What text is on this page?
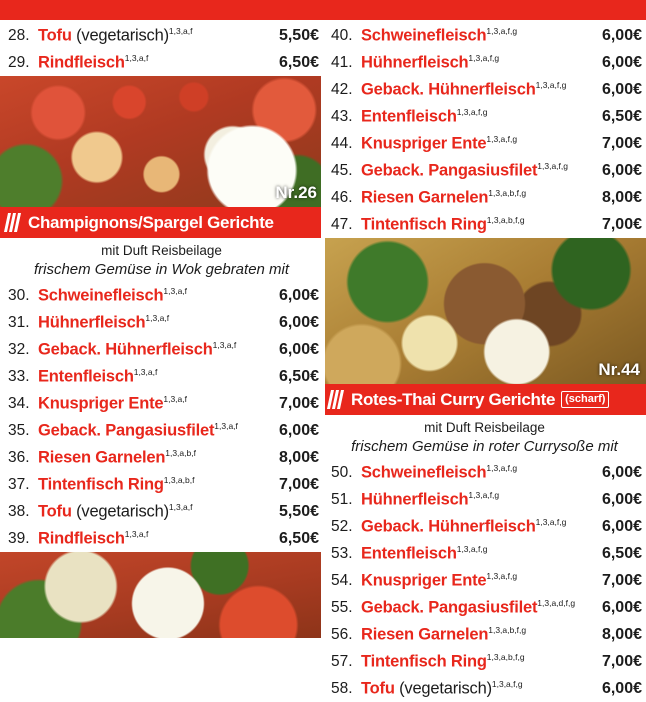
28. Tofu (vegetarisch)$^{1,3,a,f}$	5,50€
29. Rindfleisch$^{1,3,a,f}$	6,50€
Nr.26
Champignons/Spargel Gerichte
mit Duft Reisbeilage
frischem Gemüse in Wok gebraten mit
30. Schweinefleisch$^{1,3,a,f}$	6,00€
31. Hühnerfleisch$^{1,3,a,f}$	6,00€
32. Geback. Hühnerfleisch$^{1,3,a,f}$	6,00€
33. Entenfleisch$^{1,3,a,f}$	6,50€
34. Knuspriger Ente$^{1,3,a,f}$	7,00€
35. Geback. Pangasiusfilet$^{1,3,a,f}$	6,00€
36. Riesen Garnelen$^{1,3,a,b,f}$	8,00€
37. Tintenfisch Ring$^{1,3,a,b,f}$	7,00€
38. Tofu (vegetarisch)$^{1,3,a,f}$	5,50€
39. Rindfleisch$^{1,3,a,f}$	6,50€
40. Schweinefleisch$^{1,3,a,f,g}$	6,00€
41. Hühnerfleisch$^{1,3,a,f,g}$	6,00€
42. Geback. Hühnerfleisch$^{1,3,a,f,g}$	6,00€
43. Entenfleisch$^{1,3,a,f,g}$	6,50€
44. Knuspriger Ente$^{1,3,a,f,g}$	7,00€
45. Geback. Pangasiusfilet$^{1,3,a,f,g}$	6,00€
46. Riesen Garnelen$^{1,3,a,b,f,g}$	8,00€
47. Tintenfisch Ring$^{1,3,a,b,f,g}$	7,00€
Nr.44
Rotes-Thai Curry Gerichte (scharf)
mit Duft Reisbeilage
frischem Gemüse in roter Currysoße mit
50. Schweinefleisch$^{1,3,a,f,g}$	6,00€
51. Hühnerfleisch$^{1,3,a,f,g}$	6,00€
52. Geback. Hühnerfleisch$^{1,3,a,f,g}$	6,00€
53. Entenfleisch$^{1,3,a,f,g}$	6,50€
54. Knuspriger Ente$^{1,3,a,f,g}$	7,00€
55. Geback. Pangasiusfilet$^{1,3,a,d,f,g}$	6,00€
56. Riesen Garnelen$^{1,3,a,b,f,g}$	8,00€
57. Tintenfisch Ring$^{1,3,a,b,f,g}$	7,00€
58. Tofu (vegetarisch)$^{1,3,a,f,g}$	6,00€
